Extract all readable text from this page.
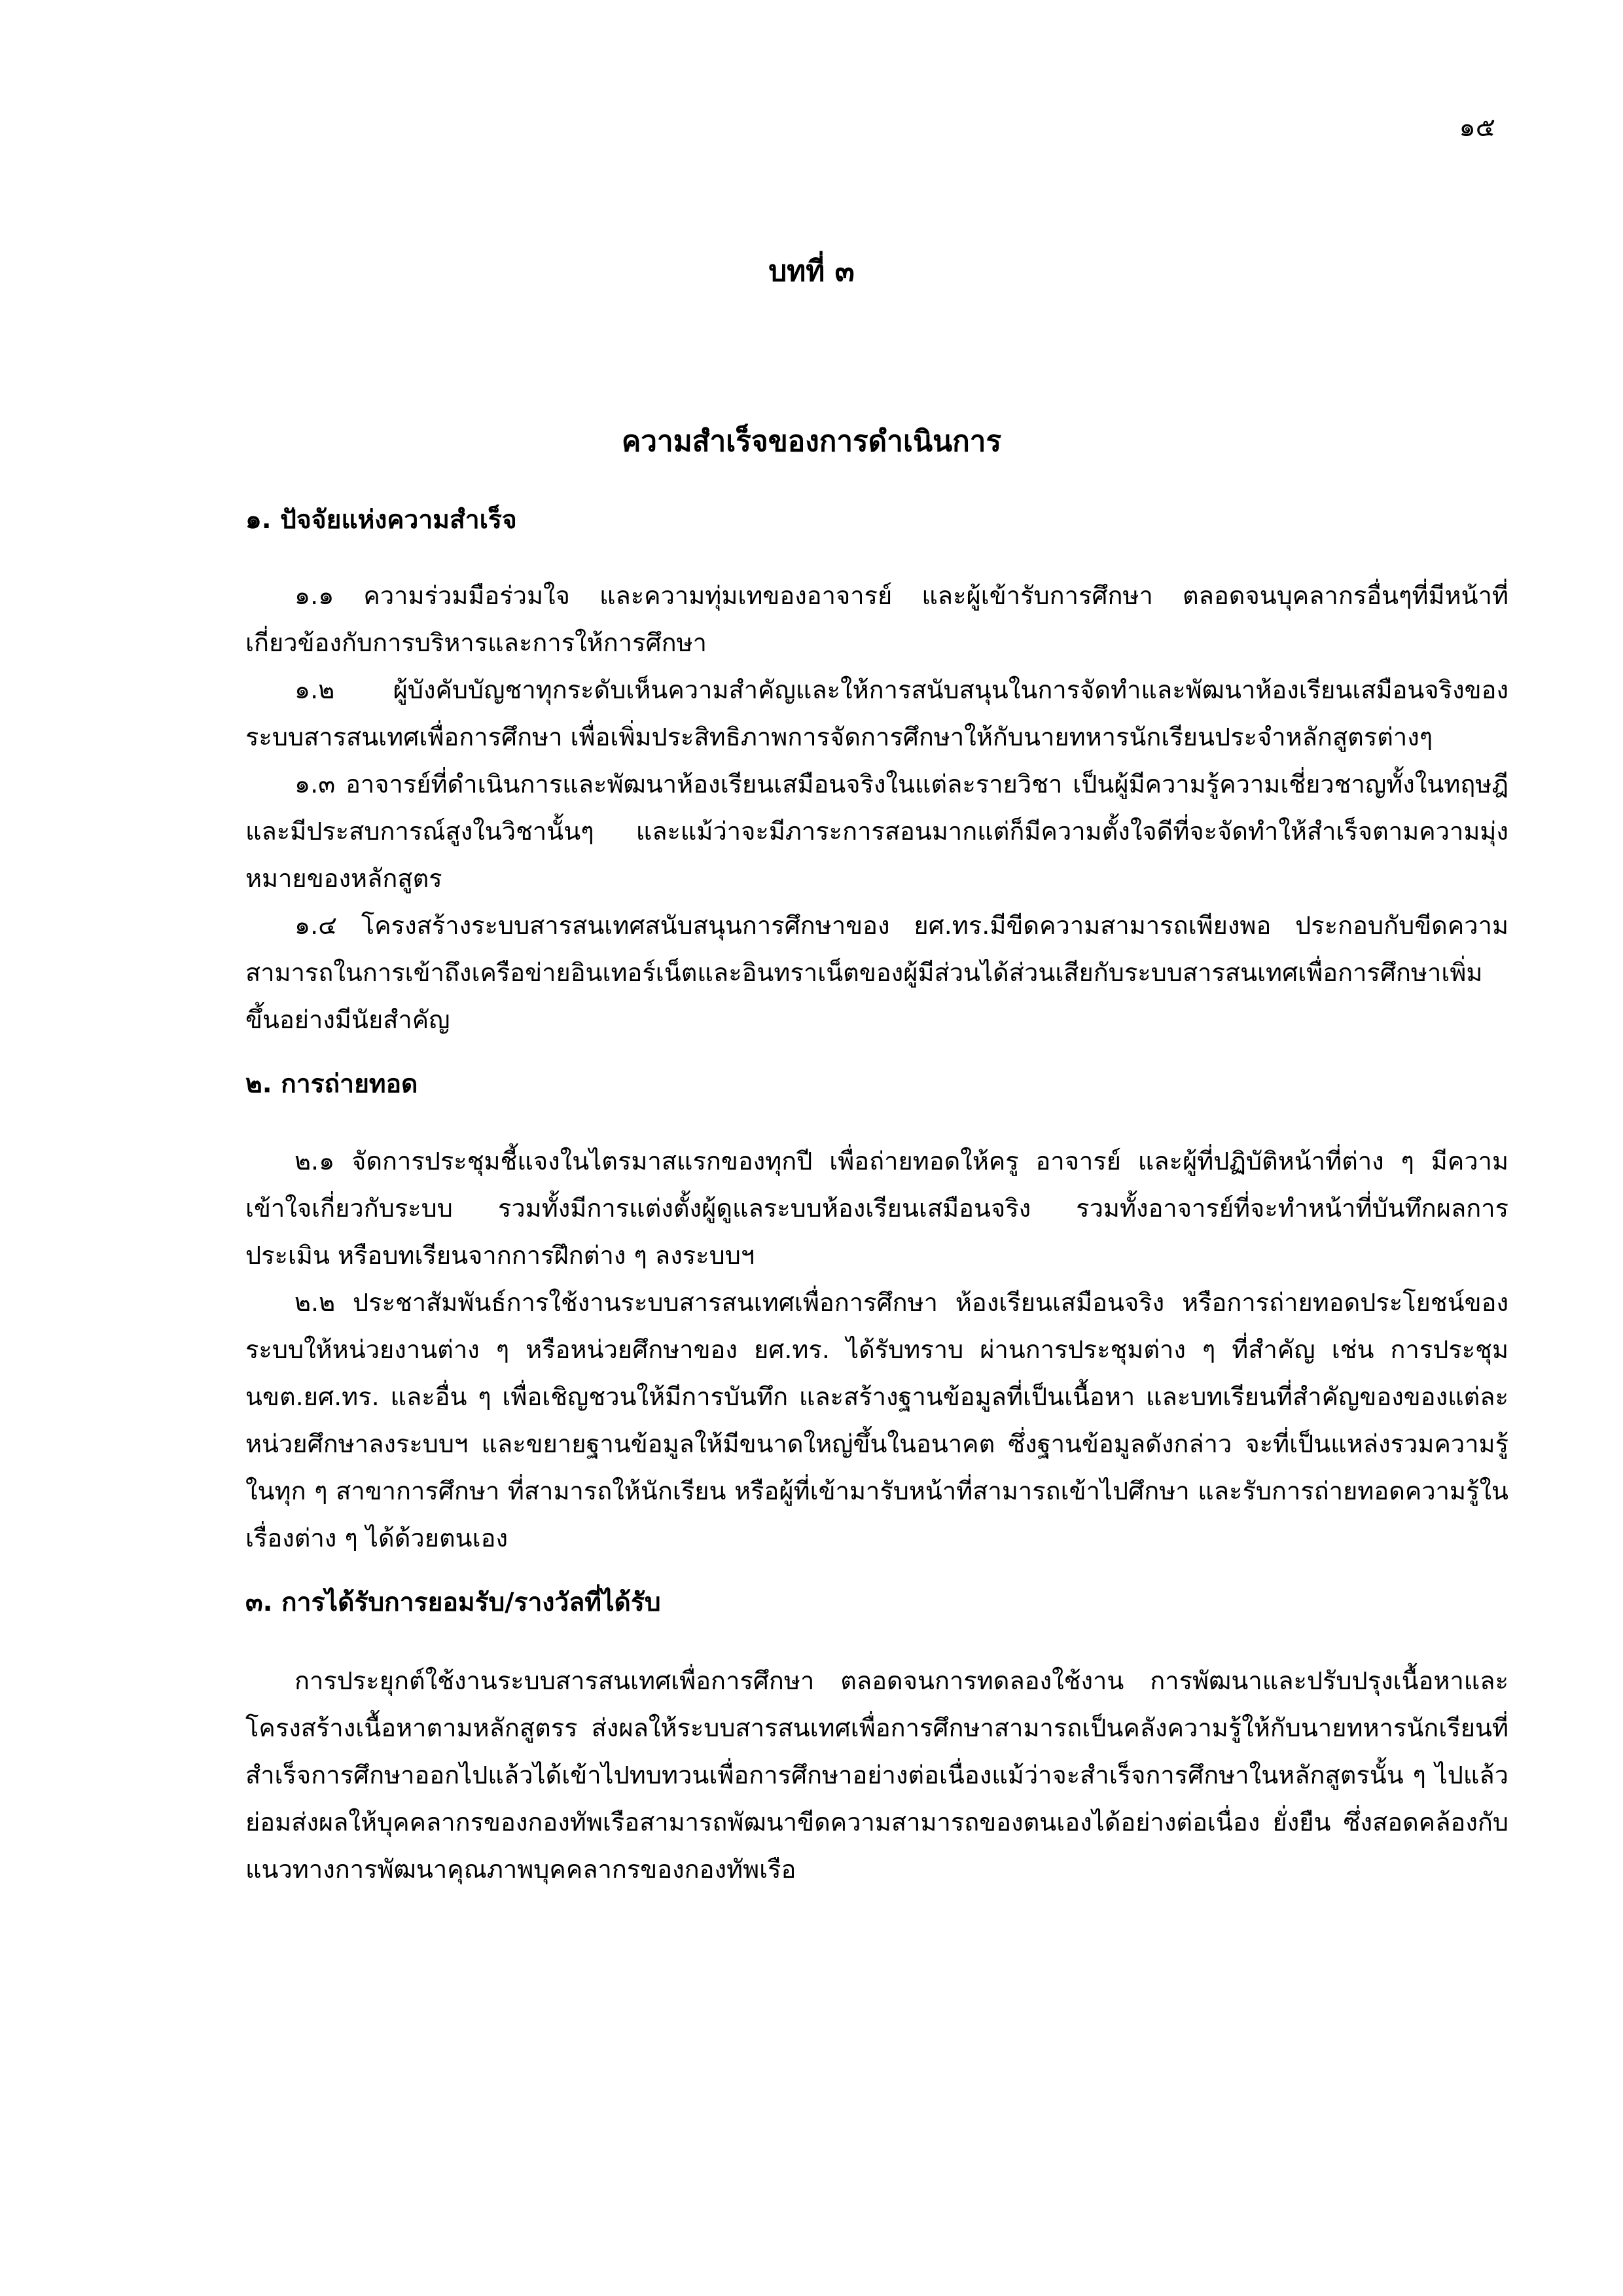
๑๕
บทที่ ๓
ความสำเร็จของการดำเนินการ
๑. ปัจจัยแห่งความสำเร็จ

๑.๑ ความร่วมมือร่วมใจ และความทุ่มเทของอาจารย์ และผู้เข้ารับการศึกษา ตลอดจนบุคลากรอื่นๆที่มีหน้าที่เกี่ยวข้องกับการบริหารและการให้การศึกษา

๑.๒ ผู้บังคับบัญชาทุกระดับเห็นความสำคัญและให้การสนับสนุนในการจัดทำและพัฒนาห้องเรียนเสมือนจริงของระบบสารสนเทศเพื่อการศึกษา เพื่อเพิ่มประสิทธิภาพการจัดการศึกษาให้กับนายทหารนักเรียนประจำหลักสูตรต่างๆ

๑.๓ อาจารย์ที่ดำเนินการและพัฒนาห้องเรียนเสมือนจริงในแต่ละรายวิชา เป็นผู้มีความรู้ความเชี่ยวชาญทั้งในทฤษฎี และมีประสบการณ์สูงในวิชานั้นๆ และแม้ว่าจะมีภาระการสอนมากแต่ก็มีความตั้งใจดีที่จะจัดทำให้สำเร็จตามความมุ่งหมายของหลักสูตร

๑.๔ โครงสร้างระบบสารสนเทศสนับสนุนการศึกษาของ ยศ.ทร.มีขีดความสามารถเพียงพอ ประกอบกับขีดความสามารถในการเข้าถึงเครือข่ายอินเทอร์เน็ตและอินทราเน็ตของผู้มีส่วนได้ส่วนเสียกับระบบสารสนเทศเพื่อการศึกษาเพิ่มขึ้นอย่างมีนัยสำคัญ

๒. การถ่ายทอด

๒.๑ จัดการประชุมชี้แจงในไตรมาสแรกของทุกปี เพื่อถ่ายทอดให้ครู อาจารย์ และผู้ที่ปฏิบัติหน้าที่ต่าง ๆ มีความเข้าใจเกี่ยวกับระบบ รวมทั้งมีการแต่งตั้งผู้ดูแลระบบห้องเรียนเสมือนจริง รวมทั้งอาจารย์ที่จะทำหน้าที่บันทึกผลการประเมิน หรือบทเรียนจากการฝึกต่าง ๆ ลงระบบฯ

๒.๒ ประชาสัมพันธ์การใช้งานระบบสารสนเทศเพื่อการศึกษา ห้องเรียนเสมือนจริง หรือการถ่ายทอดประโยชน์ของระบบให้หน่วยงานต่าง ๆ หรือหน่วยศึกษาของ ยศ.ทร. ได้รับทราบ ผ่านการประชุมต่าง ๆ ที่สำคัญ เช่น การประชุม นขต.ยศ.ทร. และอื่น ๆ เพื่อเชิญชวนให้มีการบันทึก และสร้างฐานข้อมูลที่เป็นเนื้อหา และบทเรียนที่สำคัญของของแต่ละหน่วยศึกษาลงระบบฯ และขยายฐานข้อมูลให้มีขนาดใหญ่ขึ้นในอนาคต ซึ่งฐานข้อมูลดังกล่าว จะที่เป็นแหล่งรวมความรู้ในทุก ๆ สาขาการศึกษา ที่สามารถให้นักเรียน หรือผู้ที่เข้ามารับหน้าที่สามารถเข้าไปศึกษา และรับการถ่ายทอดความรู้ในเรื่องต่าง ๆ ได้ด้วยตนเอง

๓. การได้รับการยอมรับ/รางวัลที่ได้รับ

การประยุกต์ใช้งานระบบสารสนเทศเพื่อการศึกษา ตลอดจนการทดลองใช้งาน การพัฒนาและปรับปรุงเนื้อหาและโครงสร้างเนื้อหาตามหลักสูตรร ส่งผลให้ระบบสารสนเทศเพื่อการศึกษาสามารถเป็นคลังความรู้ให้กับนายทหารนักเรียนที่สำเร็จการศึกษาออกไปแล้วได้เข้าไปทบทวนเพื่อการศึกษาอย่างต่อเนื่องแม้ว่าจะสำเร็จการศึกษาในหลักสูตรนั้น ๆ ไปแล้วย่อมส่งผลให้บุคคลากรของกองทัพเรือสามารถพัฒนาขีดความสามารถของตนเองได้อย่างต่อเนื่อง ยั่งยืน ซึ่งสอดคล้องกับแนวทางการพัฒนาคุณภาพบุคคลากรของกองทัพเรือ
